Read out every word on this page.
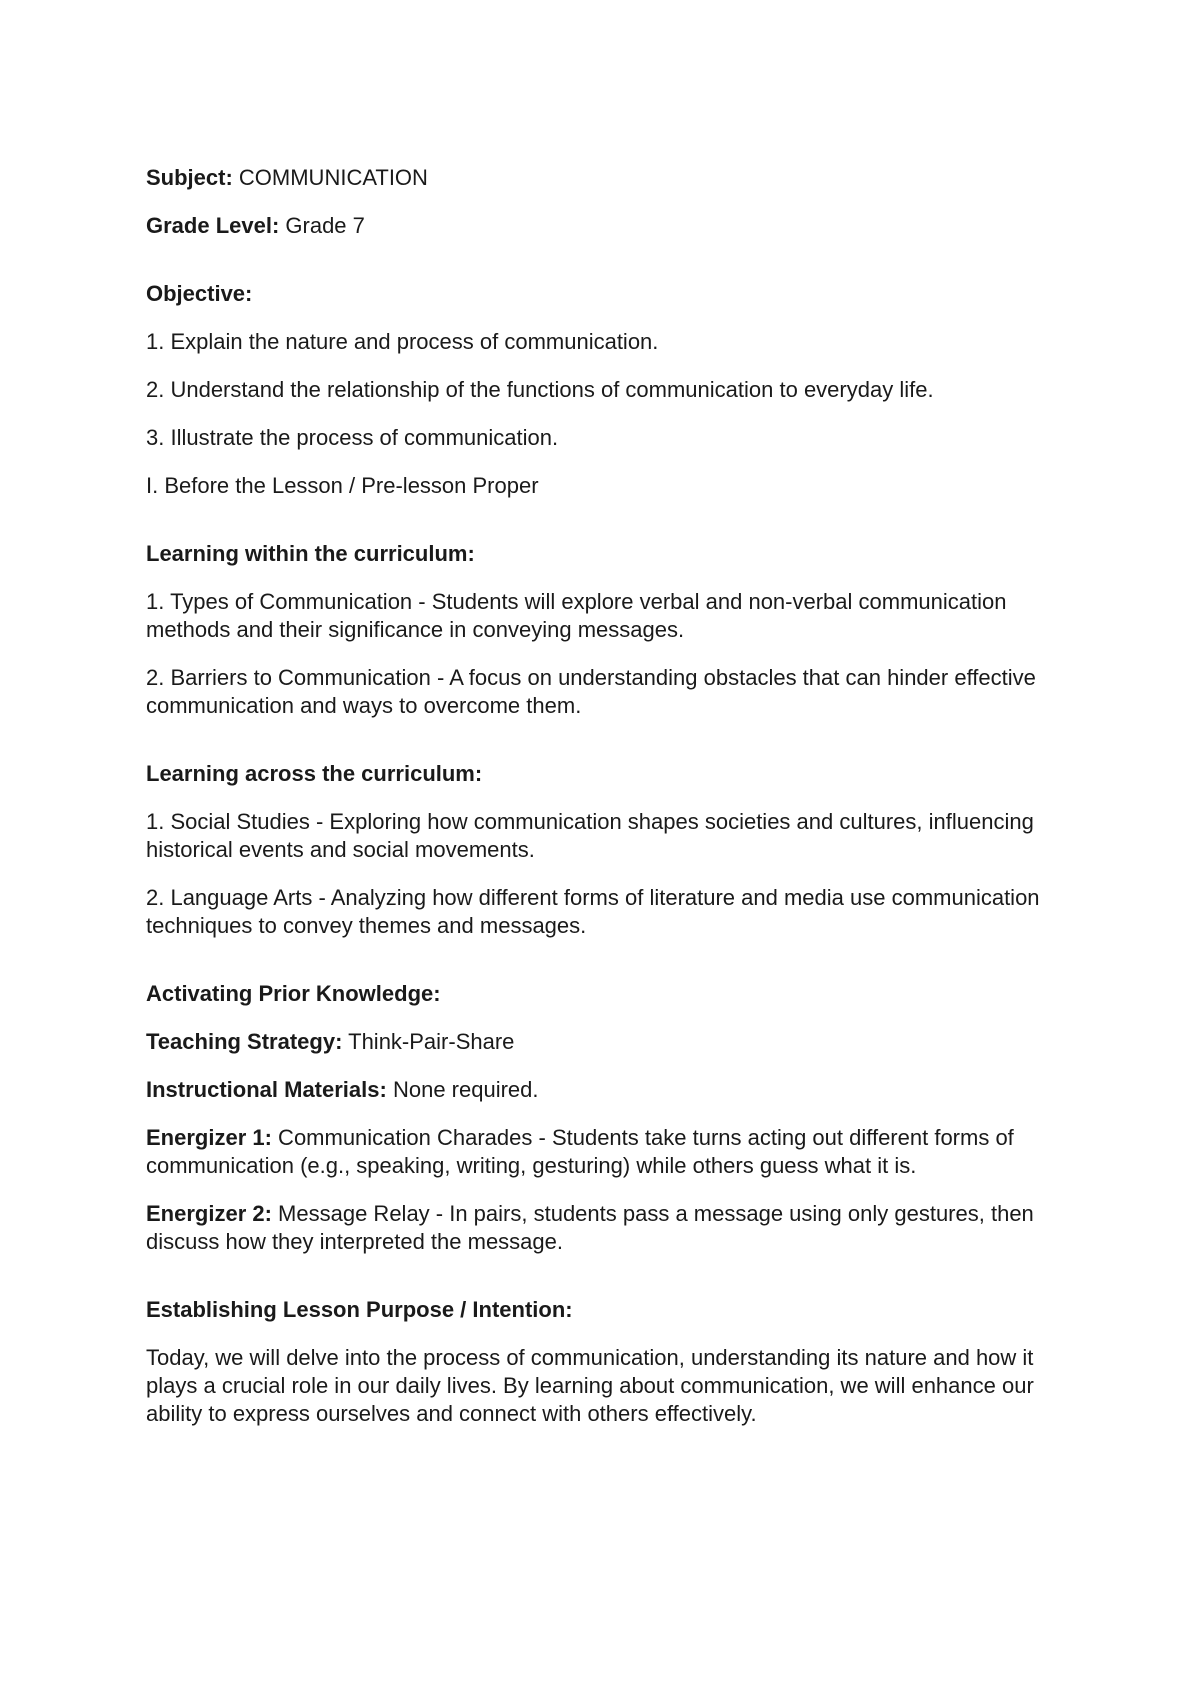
Subject: COMMUNICATION

Grade Level: Grade 7

Objective:

1. Explain the nature and process of communication.

2. Understand the relationship of the functions of communication to everyday life.

3. Illustrate the process of communication.

I. Before the Lesson / Pre-lesson Proper

Learning within the curriculum:

1. Types of Communication - Students will explore verbal and non-verbal communication methods and their significance in conveying messages.

2. Barriers to Communication - A focus on understanding obstacles that can hinder effective communication and ways to overcome them.

Learning across the curriculum:

1. Social Studies - Exploring how communication shapes societies and cultures, influencing historical events and social movements.

2. Language Arts - Analyzing how different forms of literature and media use communication techniques to convey themes and messages.

Activating Prior Knowledge:

Teaching Strategy: Think-Pair-Share

Instructional Materials: None required.

Energizer 1: Communication Charades - Students take turns acting out different forms of communication (e.g., speaking, writing, gesturing) while others guess what it is.

Energizer 2: Message Relay - In pairs, students pass a message using only gestures, then discuss how they interpreted the message.

Establishing Lesson Purpose / Intention:

Today, we will delve into the process of communication, understanding its nature and how it plays a crucial role in our daily lives. By learning about communication, we will enhance our ability to express ourselves and connect with others effectively.
